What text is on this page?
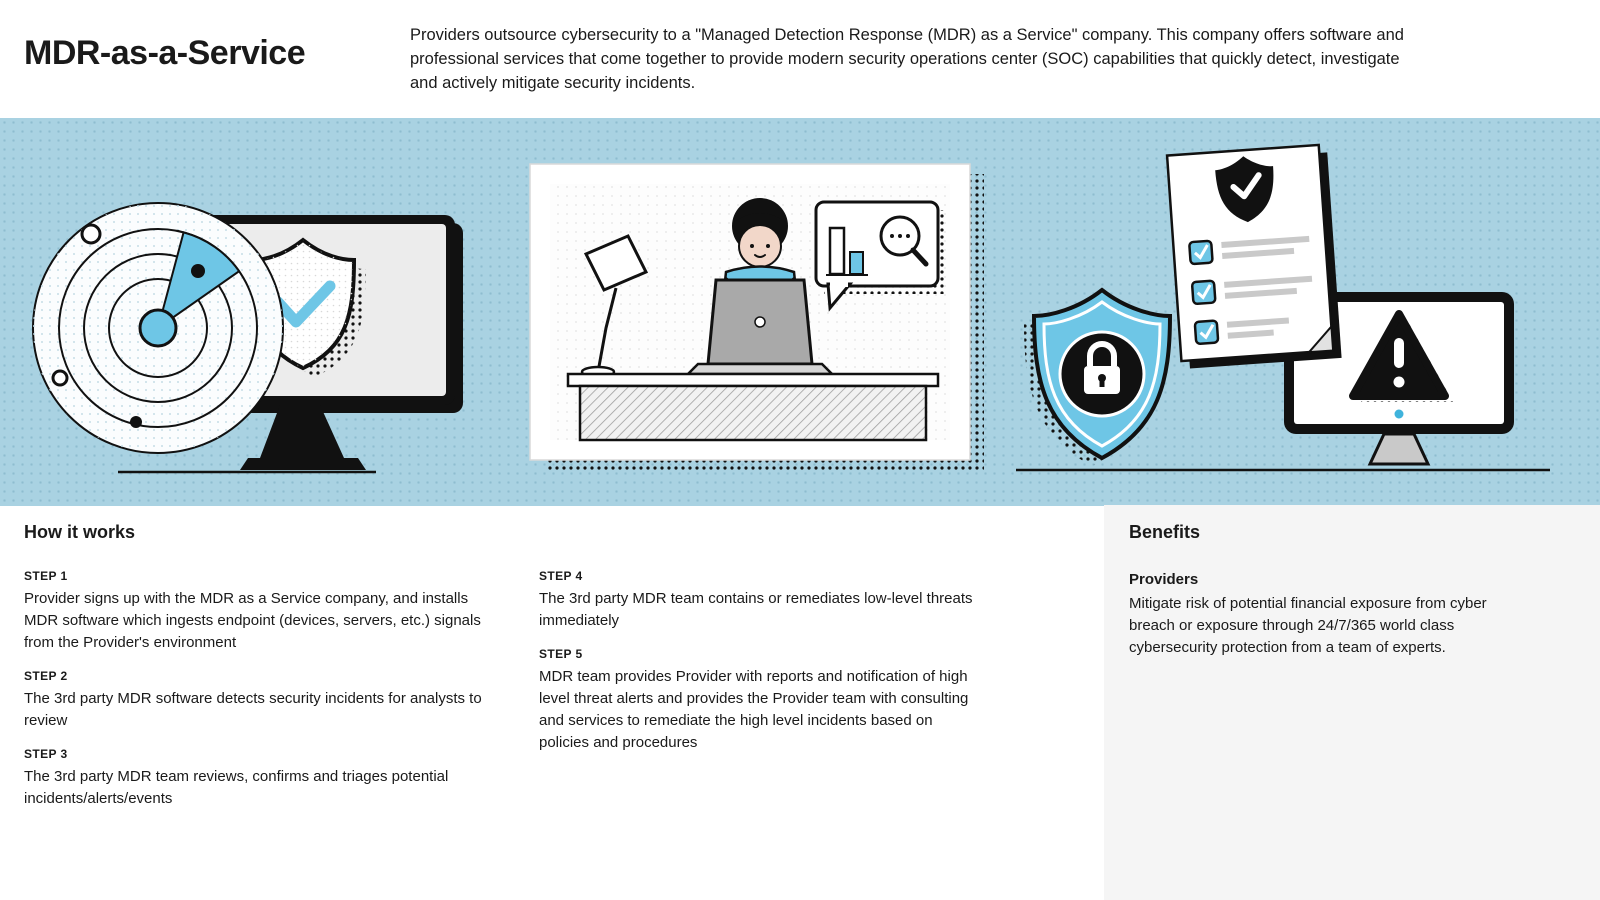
MDR-as-a-Service	Providers outsource cybersecurity to a "Managed Detection Response (MDR) as a Service" company. This company offers software and professional services that come together to provide modern security operations center (SOC) capabilities that quickly detect, investigate and actively mitigate security incidents.

How it works
STEP 1
Provider signs up with the MDR as a Service company, and installs MDR software which ingests endpoint (devices, servers, etc.) signals from the Provider's environment
STEP 2
The 3rd party MDR software detects security incidents for analysts to review
STEP 3
The 3rd party MDR team reviews, confirms and triages potential incidents/alerts/events
STEP 4
The 3rd party MDR team contains or remediates low-level threats immediately
STEP 5
MDR team provides Provider with reports and notification of high level threat alerts and provides the Provider team with consulting and services to remediate the high level incidents based on policies and procedures
Benefits
Providers
Mitigate risk of potential financial exposure from cyber breach or exposure through 24/7/365 world class cybersecurity protection from a team of experts.
